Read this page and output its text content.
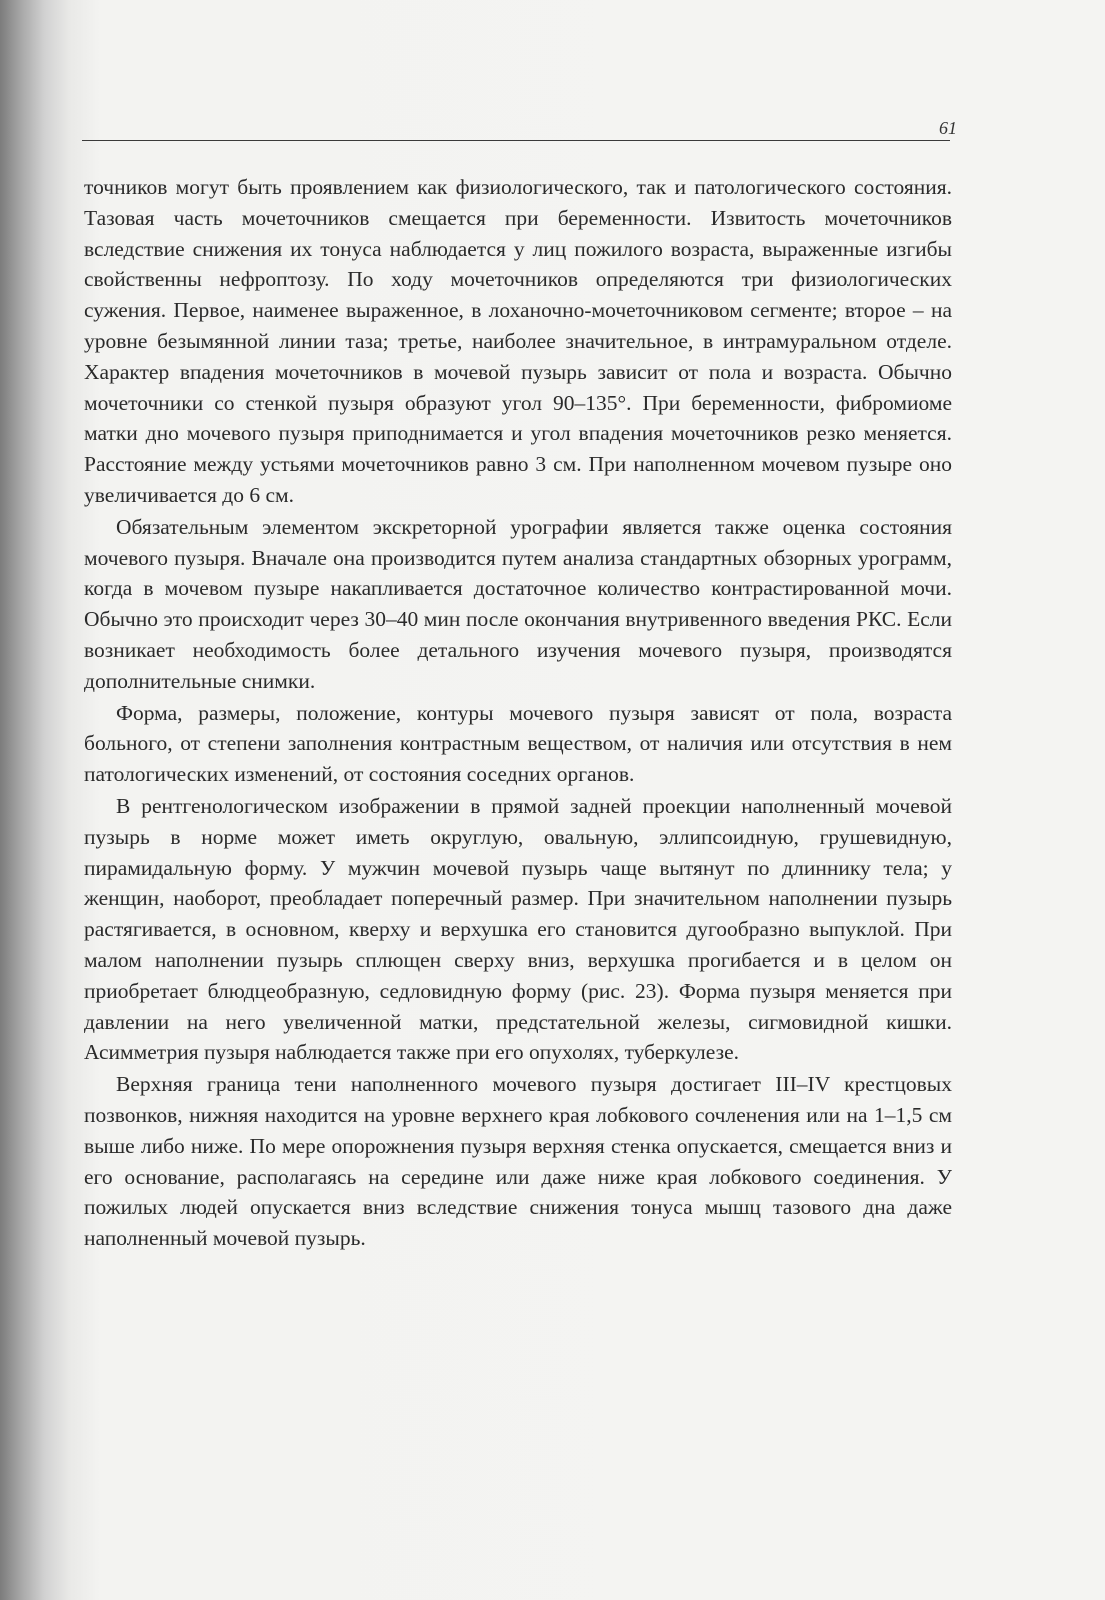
61

точников могут быть проявлением как физиологического, так и патологического состояния. Тазовая часть мочеточников смещается при беременности. Извитость мочеточников вследствие снижения их тонуса наблюдается у лиц пожилого возраста, выраженные изгибы свойственны нефроптозу. По ходу мочеточников определяются три физиологических сужения. Первое, наименее выраженное, в лоханочно-мочеточниковом сегменте; второе – на уровне безымянной линии таза; третье, наиболее значительное, в интрамуральном отделе. Характер впадения мочеточников в мочевой пузырь зависит от пола и возраста. Обычно мочеточники со стенкой пузыря образуют угол 90–135°. При беременности, фибромиоме матки дно мочевого пузыря приподнимается и угол впадения мочеточников резко меняется. Расстояние между устьями мочеточников равно 3 см. При наполненном мочевом пузыре оно увеличивается до 6 см.

Обязательным элементом экскреторной урографии является также оценка состояния мочевого пузыря. Вначале она производится путем анализа стандартных обзорных урограмм, когда в мочевом пузыре накапливается достаточное количество контрастированной мочи. Обычно это происходит через 30–40 мин после окончания внутривенного введения РКС. Если возникает необходимость более детального изучения мочевого пузыря, производятся дополнительные снимки.

Форма, размеры, положение, контуры мочевого пузыря зависят от пола, возраста больного, от степени заполнения контрастным веществом, от наличия или отсутствия в нем патологических изменений, от состояния соседних органов.

В рентгенологическом изображении в прямой задней проекции наполненный мочевой пузырь в норме может иметь округлую, овальную, эллипсоидную, грушевидную, пирамидальную форму. У мужчин мочевой пузырь чаще вытянут по длиннику тела; у женщин, наоборот, преобладает поперечный размер. При значительном наполнении пузырь растягивается, в основном, кверху и верхушка его становится дугообразно выпуклой. При малом наполнении пузырь сплющен сверху вниз, верхушка прогибается и в целом он приобретает блюдцеобразную, седловидную форму (рис. 23). Форма пузыря меняется при давлении на него увеличенной матки, предстательной железы, сигмовидной кишки. Асимметрия пузыря наблюдается также при его опухолях, туберкулезе.

Верхняя граница тени наполненного мочевого пузыря достигает III–IV крестцовых позвонков, нижняя находится на уровне верхнего края лобкового сочленения или на 1–1,5 см выше либо ниже. По мере опорожнения пузыря верхняя стенка опускается, смещается вниз и его основание, располагаясь на середине или даже ниже края лобкового соединения. У пожилых людей опускается вниз вследствие снижения тонуса мышц тазового дна даже наполненный мочевой пузырь.
